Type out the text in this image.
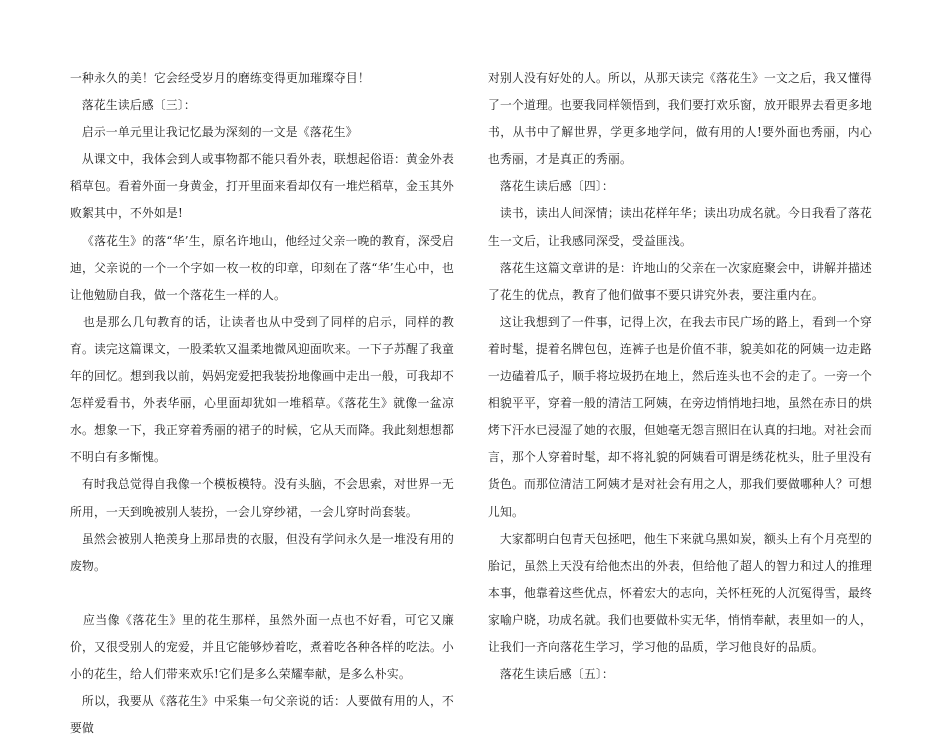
一种永久的美！它会经受岁月的磨练变得更加璀璨夺目！

落花生读后感〔三〕：

启示一单元里让我记忆最为深刻的一文是《落花生》

从课文中，我体会到人或事物都不能只看外表，联想起俗语：黄金外表稻草包。看着外面一身黄金，打开里面来看却仅有一堆烂稻草，金玉其外败絮其中，不外如是!

《落花生》的落“华’生，原名许地山，他经过父亲一晚的教育，深受启迪，父亲说的一个一个字如一枚一枚的印章，印刻在了落“华’生心中，也让他勉励自我，做一个落花生一样的人。

也是那么几句教育的话，让读者也从中受到了同样的启示，同样的教育。读完这篇课文，一股柔软又温柔地微风迎面吹来。一下子苏醒了我童年的回忆。想到我以前，妈妈宠爱把我装扮地像画中走出一般，可我却不怎样爱看书，外表华丽，心里面却犹如一堆稻草。《落花生》就像一盆凉水。想象一下，我正穿着秀丽的裙子的时候，它从天而降。我此刻想想都不明白有多惭愧。

有时我总觉得自我像一个模板模特。没有头脑，不会思索，对世界一无所用，一天到晚被别人装扮，一会儿穿纱裙，一会儿穿时尚套装。

虽然会被别人艳羡身上那昂贵的衣服，但没有学问永久是一堆没有用的废物。

应当像《落花生》里的花生那样，虽然外面一点也不好看，可它又廉价，又很受别人的宠爱，并且它能够炒着吃，煮着吃各种各样的吃法。小小的花生，给人们带来欢乐!它们是多么荣耀奉献，是多么朴实。

所以，我要从《落花生》中采集一句父亲说的话：人要做有用的人，不要做

对别人没有好处的人。所以，从那天读完《落花生》一文之后，我又懂得了一个道理。也要我同样领悟到，我们要打欢乐窗，放开眼界去看更多地书，从书中了解世界，学更多地学问，做有用的人!要外面也秀丽，内心也秀丽，才是真正的秀丽。

落花生读后感〔四〕：

读书，读出人间深情；读出花样年华；读出功成名就。今日我看了落花生一文后，让我感同深受，受益匪浅。

落花生这篇文章讲的是：许地山的父亲在一次家庭聚会中，讲解并描述了花生的优点，教育了他们做事不要只讲究外表，要注重内在。

这让我想到了一件事，记得上次，在我去市民广场的路上，看到一个穿着时髦，提着名牌包包，连裤子也是价值不菲，貌美如花的阿姨一边走路一边磕着瓜子，顺手将垃圾扔在地上，然后连头也不会的走了。一旁一个相貌平平，穿着一般的清洁工阿姨，在旁边悄悄地扫地，虽然在赤日的烘烤下汗水已浸湿了她的衣服，但她毫无怨言照旧在认真的扫地。对社会而言，那个人穿着时髦，却不将礼貌的阿姨看可谓是绣花枕头，肚子里没有货色。而那位清洁工阿姨才是对社会有用之人，那我们要做哪种人？可想儿知。

大家都明白包青天包拯吧，他生下来就乌黑如炭，额头上有个月亮型的胎记，虽然上天没有给他杰出的外表，但给他了超人的智力和过人的推理本事，他靠着这些优点，怀着宏大的志向，关怀枉死的人沉冤得雪，最终家喻户晓，功成名就。我们也要做朴实无华，悄悄奉献，表里如一的人，让我们一齐向落花生学习，学习他的品质，学习他良好的品质。

落花生读后感〔五〕：
